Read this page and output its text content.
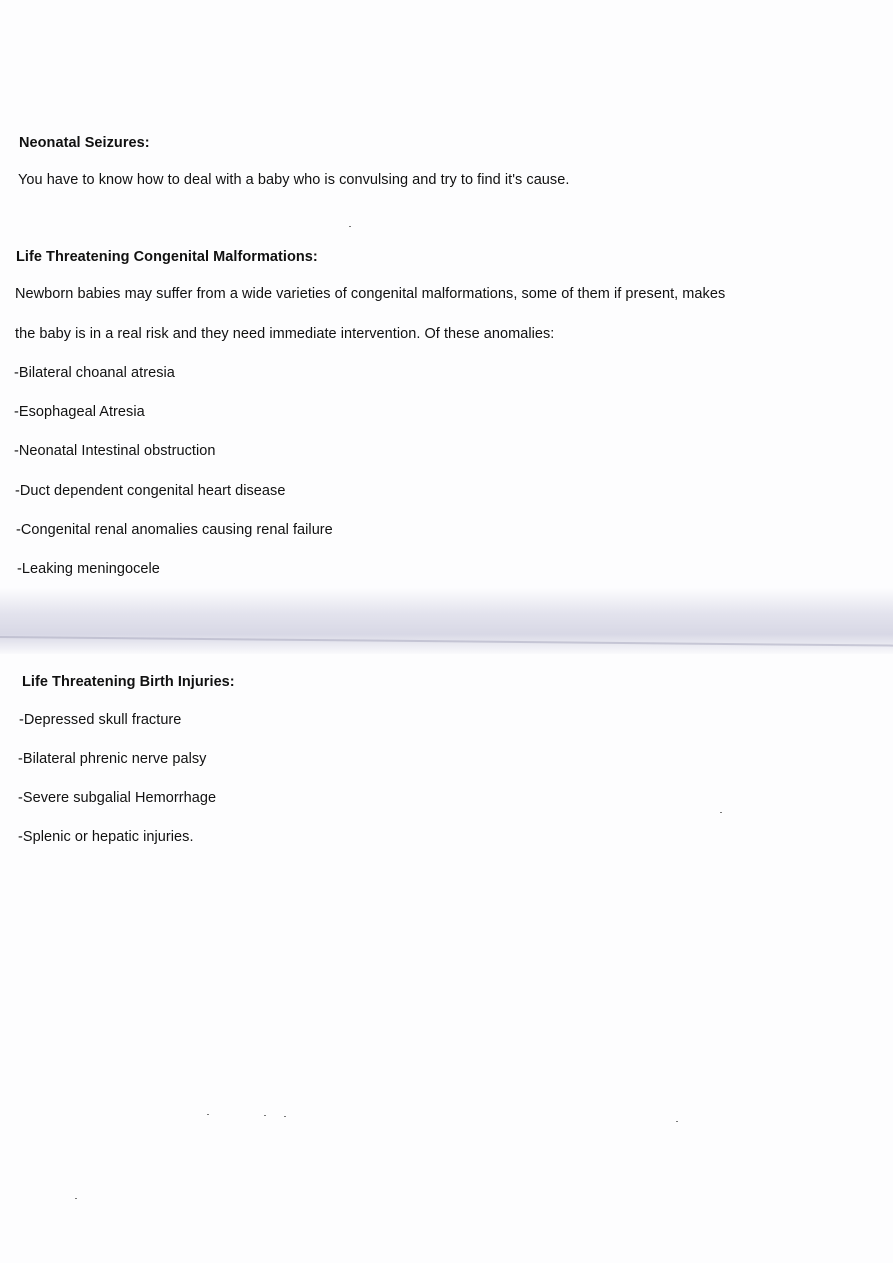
Neonatal Seizures:
You have to know how to deal with a baby who is convulsing and try to find it's cause.
Life Threatening Congenital Malformations:
Newborn babies may suffer from a wide varieties of congenital malformations, some of them if present, makes
the baby is in a real risk and they need immediate intervention. Of these anomalies:
-Bilateral choanal atresia
-Esophageal Atresia
-Neonatal Intestinal obstruction
-Duct dependent congenital heart disease
-Congenital renal anomalies causing renal failure
-Leaking meningocele
Life Threatening Birth Injuries:
-Depressed skull fracture
-Bilateral phrenic nerve palsy
-Severe subgalial Hemorrhage
-Splenic or hepatic injuries.
